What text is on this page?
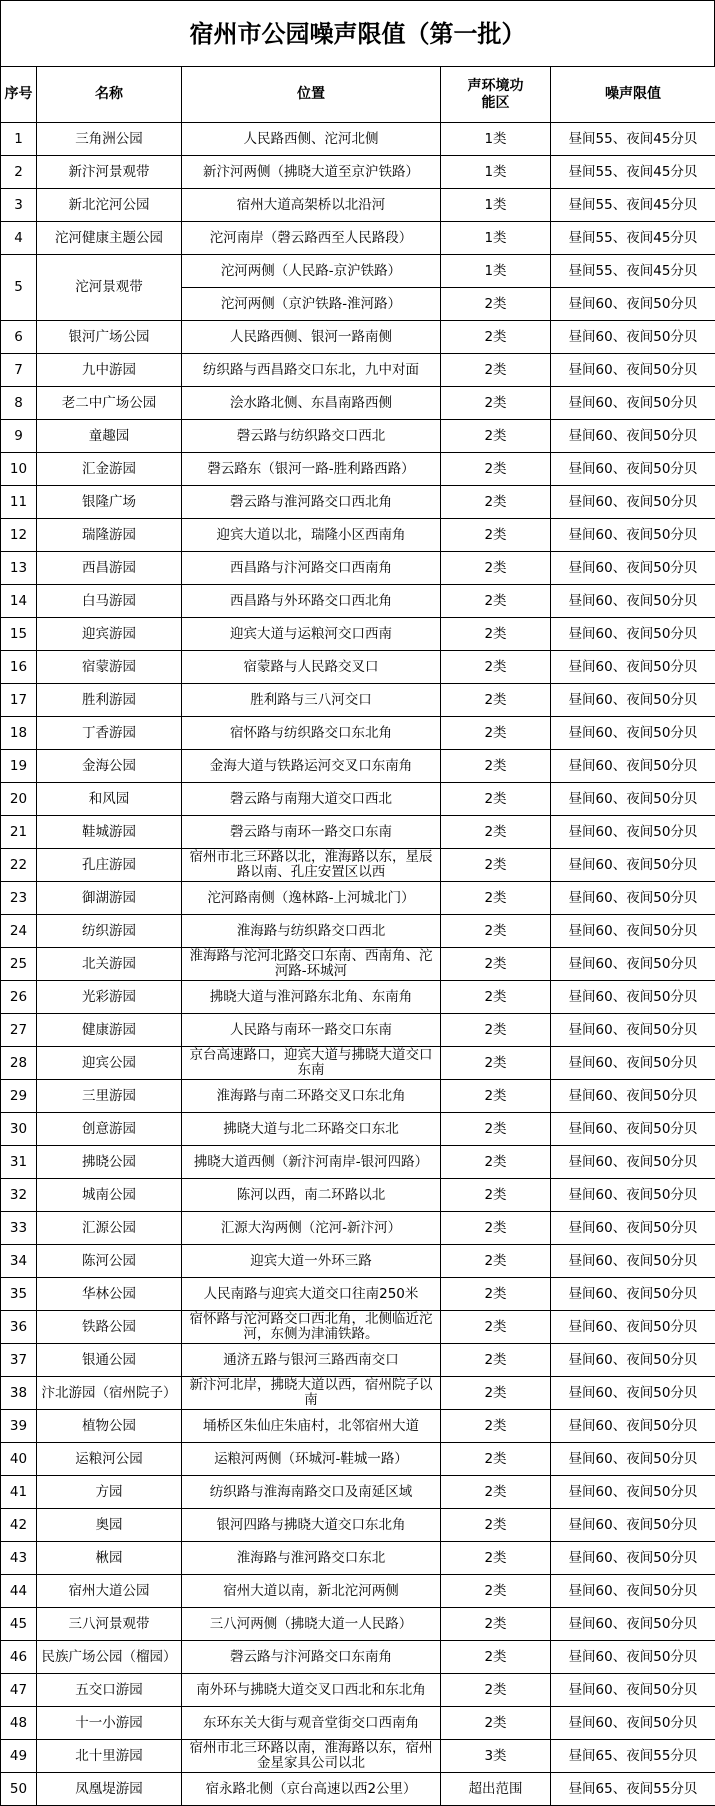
宿州市公园噪声限值（第一批）
序号	名称	位置	声环境功能区	噪声限值
1	三角洲公园	人民路西侧、沱河北侧	1类	昼间55、夜间45分贝
2	新汴河景观带	新汴河两侧（拂晓大道至京沪铁路）	1类	昼间55、夜间45分贝
3	新北沱河公园	宿州大道高架桥以北沿河	1类	昼间55、夜间45分贝
4	沱河健康主题公园	沱河南岸（磬云路西至人民路段）	1类	昼间55、夜间45分贝
5	沱河景观带	沱河两侧（人民路-京沪铁路）	1类	昼间55、夜间45分贝
		沱河两侧（京沪铁路-淮河路）	2类	昼间60、夜间50分贝
6	银河广场公园	人民路西侧、银河一路南侧	2类	昼间60、夜间50分贝
7	九中游园	纺织路与西昌路交口东北，九中对面	2类	昼间60、夜间50分贝
8	老二中广场公园	浍水路北侧、东昌南路西侧	2类	昼间60、夜间50分贝
9	童趣园	磬云路与纺织路交口西北	2类	昼间60、夜间50分贝
10	汇金游园	磬云路东（银河一路-胜利路西路）	2类	昼间60、夜间50分贝
11	银隆广场	磬云路与淮河路交口西北角	2类	昼间60、夜间50分贝
12	瑞隆游园	迎宾大道以北，瑞隆小区西南角	2类	昼间60、夜间50分贝
13	西昌游园	西昌路与汴河路交口西南角	2类	昼间60、夜间50分贝
14	白马游园	西昌路与外环路交口西北角	2类	昼间60、夜间50分贝
15	迎宾游园	迎宾大道与运粮河交口西南	2类	昼间60、夜间50分贝
16	宿蒙游园	宿蒙路与人民路交叉口	2类	昼间60、夜间50分贝
17	胜利游园	胜利路与三八河交口	2类	昼间60、夜间50分贝
18	丁香游园	宿怀路与纺织路交口东北角	2类	昼间60、夜间50分贝
19	金海公园	金海大道与铁路运河交叉口东南角	2类	昼间60、夜间50分贝
20	和风园	磬云路与南翔大道交口西北	2类	昼间60、夜间50分贝
21	鞋城游园	磬云路与南环一路交口东南	2类	昼间60、夜间50分贝
22	孔庄游园	宿州市北三环路以北，淮海路以东，星辰路以南、孔庄安置区以西	2类	昼间60、夜间50分贝
23	御湖游园	沱河路南侧（逸林路-上河城北门）	2类	昼间60、夜间50分贝
24	纺织游园	淮海路与纺织路交口西北	2类	昼间60、夜间50分贝
25	北关游园	淮海路与沱河北路交口东南、西南角、沱河路-环城河	2类	昼间60、夜间50分贝
26	光彩游园	拂晓大道与淮河路东北角、东南角	2类	昼间60、夜间50分贝
27	健康游园	人民路与南环一路交口东南	2类	昼间60、夜间50分贝
28	迎宾公园	京台高速路口，迎宾大道与拂晓大道交口东南	2类	昼间60、夜间50分贝
29	三里游园	淮海路与南二环路交叉口东北角	2类	昼间60、夜间50分贝
30	创意游园	拂晓大道与北二环路交口东北	2类	昼间60、夜间50分贝
31	拂晓公园	拂晓大道西侧（新汴河南岸-银河四路）	2类	昼间60、夜间50分贝
32	城南公园	陈河以西，南二环路以北	2类	昼间60、夜间50分贝
33	汇源公园	汇源大沟两侧（沱河-新汴河）	2类	昼间60、夜间50分贝
34	陈河公园	迎宾大道一外环三路	2类	昼间60、夜间50分贝
35	华林公园	人民南路与迎宾大道交口往南250米	2类	昼间60、夜间50分贝
36	铁路公园	宿怀路与沱河路交口西北角，北侧临近沱河，东侧为津浦铁路。	2类	昼间60、夜间50分贝
37	银通公园	通济五路与银河三路西南交口	2类	昼间60、夜间50分贝
38	汴北游园（宿州院子）	新汴河北岸，拂晓大道以西，宿州院子以南	2类	昼间60、夜间50分贝
39	植物公园	埇桥区朱仙庄朱庙村，北邻宿州大道	2类	昼间60、夜间50分贝
40	运粮河公园	运粮河两侧（环城河-鞋城一路）	2类	昼间60、夜间50分贝
41	方园	纺织路与淮海南路交口及南延区域	2类	昼间60、夜间50分贝
42	奥园	银河四路与拂晓大道交口东北角	2类	昼间60、夜间50分贝
43	楸园	淮海路与淮河路交口东北	2类	昼间60、夜间50分贝
44	宿州大道公园	宿州大道以南，新北沱河两侧	2类	昼间60、夜间50分贝
45	三八河景观带	三八河两侧（拂晓大道一人民路）	2类	昼间60、夜间50分贝
46	民族广场公园（榴园）	磬云路与汴河路交口东南角	2类	昼间60、夜间50分贝
47	五交口游园	南外环与拂晓大道交叉口西北和东北角	2类	昼间60、夜间50分贝
48	十一小游园	东环东关大街与观音堂街交口西南角	2类	昼间60、夜间50分贝
49	北十里游园	宿州市北三环路以南，淮海路以东，宿州金星家具公司以北	3类	昼间65、夜间55分贝
50	凤凰堤游园	宿永路北侧（京台高速以西2公里）	超出范围	昼间65、夜间55分贝
